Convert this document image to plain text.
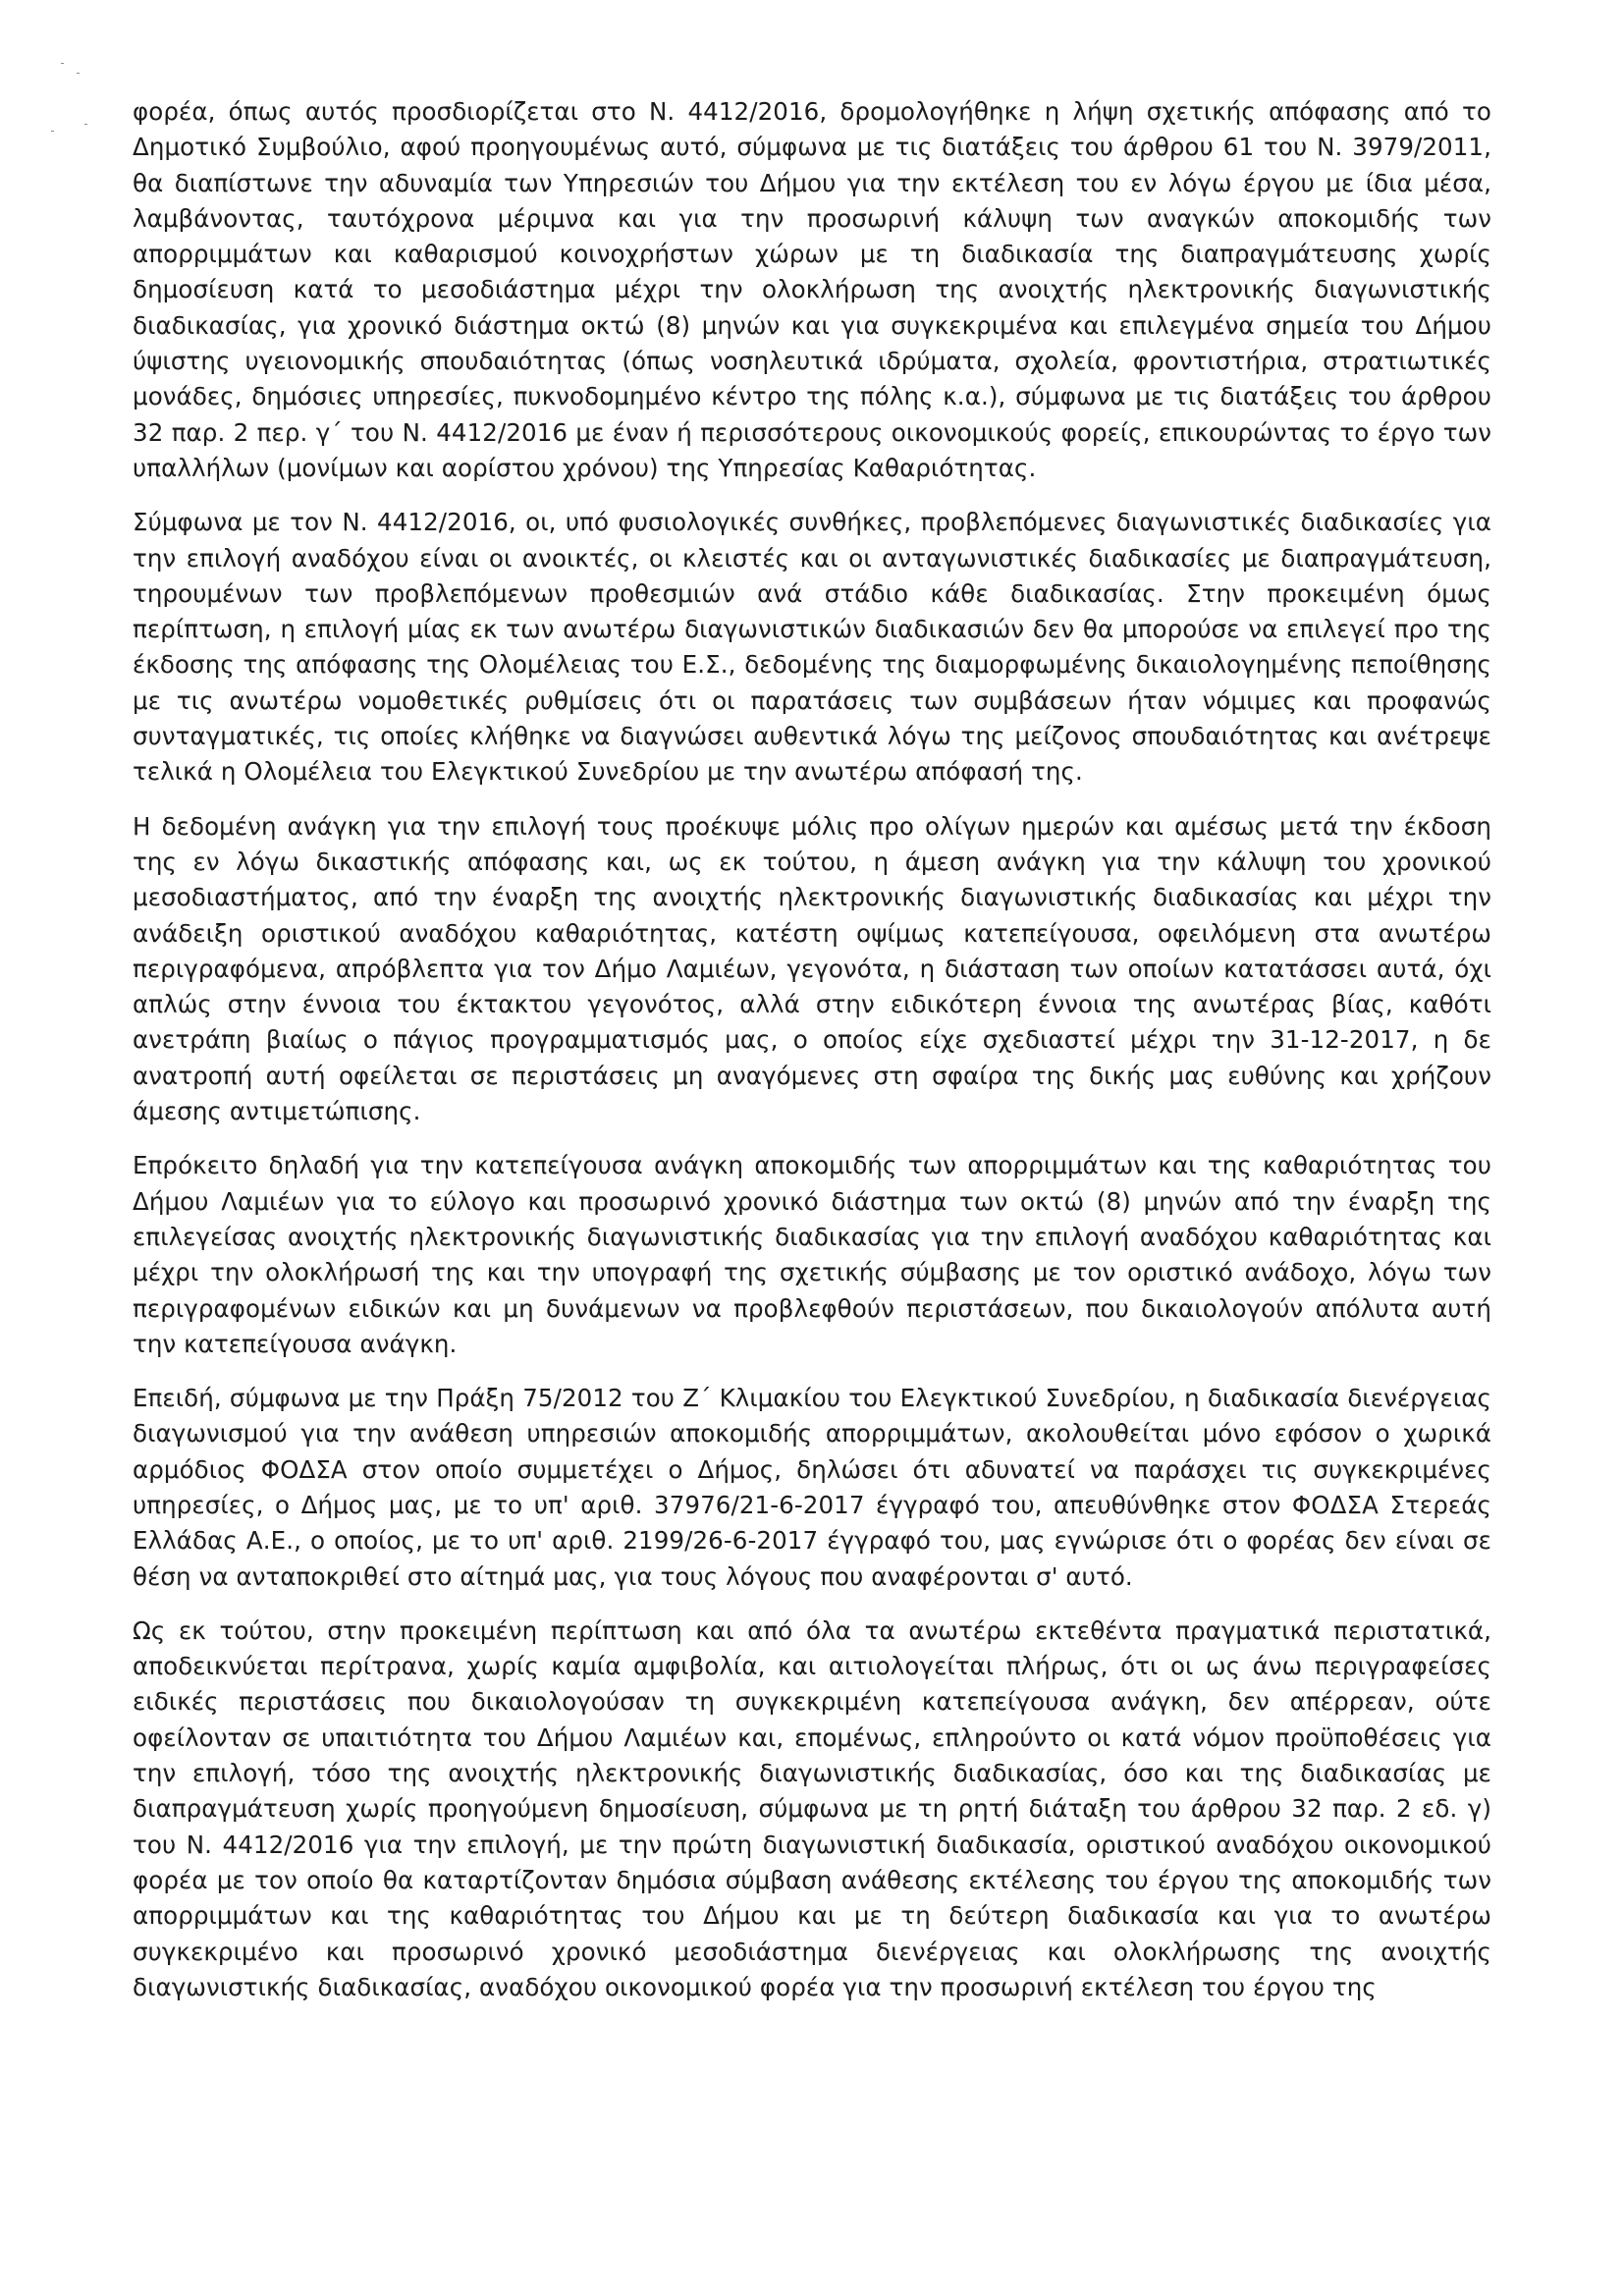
φορέα, όπως αυτός προσδιορίζεται στο Ν. 4412/2016, δρομολογήθηκε η λήψη σχετικής απόφασης από το Δημοτικό Συμβούλιο, αφού προηγουμένως αυτό, σύμφωνα με τις διατάξεις του άρθρου 61 του Ν. 3979/2011, θα διαπίστωνε την αδυναμία των Υπηρεσιών του Δήμου για την εκτέλεση του εν λόγω έργου με ίδια μέσα, λαμβάνοντας, ταυτόχρονα μέριμνα και για την προσωρινή κάλυψη των αναγκών αποκομιδής των απορριμμάτων και καθαρισμού κοινοχρήστων χώρων με τη διαδικασία της διαπραγμάτευσης χωρίς δημοσίευση κατά το μεσοδιάστημα μέχρι την ολοκλήρωση της ανοιχτής ηλεκτρονικής διαγωνιστικής διαδικασίας, για χρονικό διάστημα οκτώ (8) μηνών και για συγκεκριμένα και επιλεγμένα σημεία του Δήμου ύψιστης υγειονομικής σπουδαιότητας (όπως νοσηλευτικά ιδρύματα, σχολεία, φροντιστήρια, στρατιωτικές μονάδες, δημόσιες υπηρεσίες, πυκνοδομημένο κέντρο της πόλης κ.α.), σύμφωνα με τις διατάξεις του άρθρου 32 παρ. 2 περ. γ΄ του Ν. 4412/2016 με έναν ή περισσότερους οικονομικούς φορείς, επικουρώντας το έργο των υπαλλήλων (μονίμων και αορίστου χρόνου) της Υπηρεσίας Καθαριότητας.

Σύμφωνα με τον Ν. 4412/2016, οι, υπό φυσιολογικές συνθήκες, προβλεπόμενες διαγωνιστικές διαδικασίες για την επιλογή αναδόχου είναι οι ανοικτές, οι κλειστές και οι ανταγωνιστικές διαδικασίες με διαπραγμάτευση, τηρουμένων των προβλεπόμενων προθεσμιών ανά στάδιο κάθε διαδικασίας. Στην προκειμένη όμως περίπτωση, η επιλογή μίας εκ των ανωτέρω διαγωνιστικών διαδικασιών δεν θα μπορούσε να επιλεγεί προ της έκδοσης της απόφασης της Ολομέλειας του Ε.Σ., δεδομένης της διαμορφωμένης δικαιολογημένης πεποίθησης με τις ανωτέρω νομοθετικές ρυθμίσεις ότι οι παρατάσεις των συμβάσεων ήταν νόμιμες και προφανώς συνταγματικές, τις οποίες κλήθηκε να διαγνώσει αυθεντικά λόγω της μείζονος σπουδαιότητας και ανέτρεψε τελικά η Ολομέλεια του Ελεγκτικού Συνεδρίου με την ανωτέρω απόφασή της.

Η δεδομένη ανάγκη για την επιλογή τους προέκυψε μόλις προ ολίγων ημερών και αμέσως μετά την έκδοση της εν λόγω δικαστικής απόφασης και, ως εκ τούτου, η άμεση ανάγκη για την κάλυψη του χρονικού μεσοδιαστήματος, από την έναρξη της ανοιχτής ηλεκτρονικής διαγωνιστικής διαδικασίας και μέχρι την ανάδειξη οριστικού αναδόχου καθαριότητας, κατέστη οψίμως κατεπείγουσα, οφειλόμενη στα ανωτέρω περιγραφόμενα, απρόβλεπτα για τον Δήμο Λαμιέων, γεγονότα, η διάσταση των οποίων κατατάσσει αυτά, όχι απλώς στην έννοια του έκτακτου γεγονότος, αλλά στην ειδικότερη έννοια της ανωτέρας βίας, καθότι ανετράπη βιαίως ο πάγιος προγραμματισμός μας, ο οποίος είχε σχεδιαστεί μέχρι την 31-12-2017, η δε ανατροπή αυτή οφείλεται σε περιστάσεις μη αναγόμενες στη σφαίρα της δικής μας ευθύνης και χρήζουν άμεσης αντιμετώπισης.

Επρόκειτο δηλαδή για την κατεπείγουσα ανάγκη αποκομιδής των απορριμμάτων και της καθαριότητας του Δήμου Λαμιέων για το εύλογο και προσωρινό χρονικό διάστημα των οκτώ (8) μηνών από την έναρξη της επιλεγείσας ανοιχτής ηλεκτρονικής διαγωνιστικής διαδικασίας για την επιλογή αναδόχου καθαριότητας και μέχρι την ολοκλήρωσή της και την υπογραφή της σχετικής σύμβασης με τον οριστικό ανάδοχο, λόγω των περιγραφομένων ειδικών και μη δυνάμενων να προβλεφθούν περιστάσεων, που δικαιολογούν απόλυτα αυτή την κατεπείγουσα ανάγκη.

Επειδή, σύμφωνα με την Πράξη 75/2012 του Ζ΄ Κλιμακίου του Ελεγκτικού Συνεδρίου, η διαδικασία διενέργειας διαγωνισμού για την ανάθεση υπηρεσιών αποκομιδής απορριμμάτων, ακολουθείται μόνο εφόσον ο χωρικά αρμόδιος ΦΟΔΣΑ στον οποίο συμμετέχει ο Δήμος, δηλώσει ότι αδυνατεί να παράσχει τις συγκεκριμένες υπηρεσίες, ο Δήμος μας, με το υπ' αριθ. 37976/21-6-2017 έγγραφό του, απευθύνθηκε στον ΦΟΔΣΑ Στερεάς Ελλάδας Α.Ε., ο οποίος, με το υπ' αριθ. 2199/26-6-2017 έγγραφό του, μας εγνώρισε ότι ο φορέας δεν είναι σε θέση να ανταποκριθεί στο αίτημά μας, για τους λόγους που αναφέρονται σ' αυτό.

Ως εκ τούτου, στην προκειμένη περίπτωση και από όλα τα ανωτέρω εκτεθέντα πραγματικά περιστατικά, αποδεικνύεται περίτρανα, χωρίς καμία αμφιβολία, και αιτιολογείται πλήρως, ότι οι ως άνω περιγραφείσες ειδικές περιστάσεις που δικαιολογούσαν τη συγκεκριμένη κατεπείγουσα ανάγκη, δεν απέρρεαν, ούτε οφείλονταν σε υπαιτιότητα του Δήμου Λαμιέων και, επομένως, επληρούντο οι κατά νόμον προϋποθέσεις για την επιλογή, τόσο της ανοιχτής ηλεκτρονικής διαγωνιστικής διαδικασίας, όσο και της διαδικασίας με διαπραγμάτευση χωρίς προηγούμενη δημοσίευση, σύμφωνα με τη ρητή διάταξη του άρθρου 32 παρ. 2 εδ. γ) του Ν. 4412/2016 για την επιλογή, με την πρώτη διαγωνιστική διαδικασία, οριστικού αναδόχου οικονομικού φορέα με τον οποίο θα καταρτίζονταν δημόσια σύμβαση ανάθεσης εκτέλεσης του έργου της αποκομιδής των απορριμμάτων και της καθαριότητας του Δήμου και με τη δεύτερη διαδικασία και για το ανωτέρω συγκεκριμένο και προσωρινό χρονικό μεσοδιάστημα διενέργειας και ολοκλήρωσης της ανοιχτής διαγωνιστικής διαδικασίας, αναδόχου οικονομικού φορέα για την προσωρινή εκτέλεση του έργου της
